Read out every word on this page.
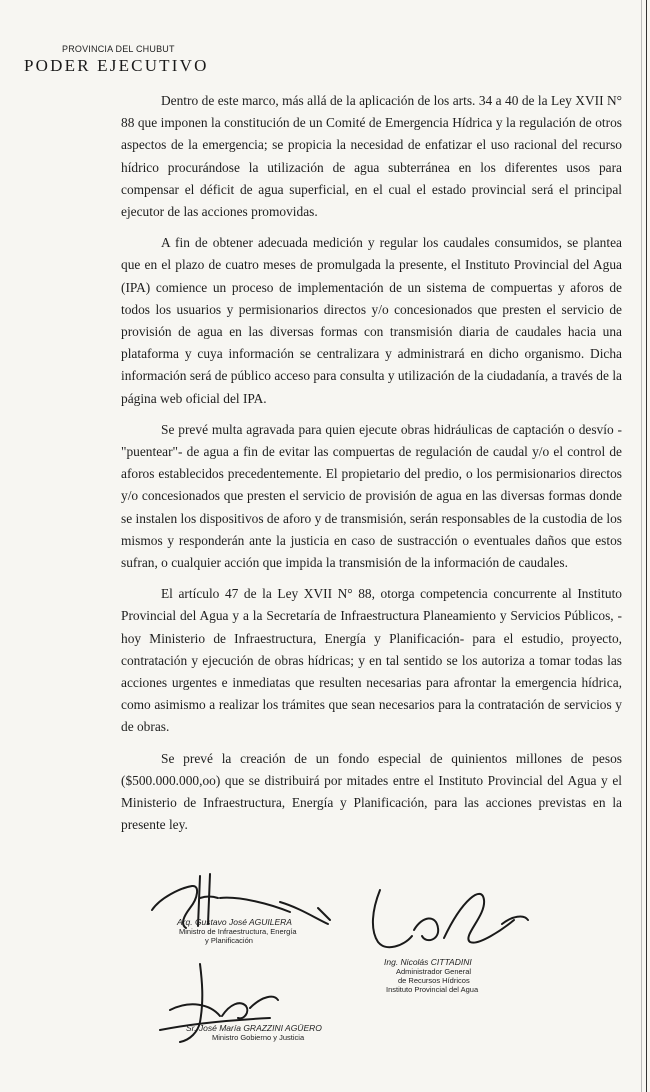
PROVINCIA DEL CHUBUT
PODER EJECUTIVO

Dentro de este marco, más allá de la aplicación de los arts. 34 a 40 de la Ley XVII N° 88 que imponen la constitución de un Comité de Emergencia Hídrica y la regulación de otros aspectos de la emergencia; se propicia la necesidad de enfatizar el uso racional del recurso hídrico procurándose la utilización de agua subterránea en los diferentes usos para compensar el déficit de agua superficial, en el cual el estado provincial será el principal ejecutor de las acciones promovidas.

A fin de obtener adecuada medición y regular los caudales consumidos, se plantea que en el plazo de cuatro meses de promulgada la presente, el Instituto Provincial del Agua (IPA) comience un proceso de implementación de un sistema de compuertas y aforos de todos los usuarios y permisionarios directos y/o concesionados que presten el servicio de provisión de agua en las diversas formas con transmisión diaria de caudales hacia una plataforma y cuya información se centralizara y administrará en dicho organismo. Dicha información será de público acceso para consulta y utilización de la ciudadanía, a través de la página web oficial del IPA.

Se prevé multa agravada para quien ejecute obras hidráulicas de captación o desvío -"puentear"- de agua a fin de evitar las compuertas de regulación de caudal y/o el control de aforos establecidos precedentemente. El propietario del predio, o los permisionarios directos y/o concesionados que presten el servicio de provisión de agua en las diversas formas donde se instalen los dispositivos de aforo y de transmisión, serán responsables de la custodia de los mismos y responderán ante la justicia en caso de sustracción o eventuales daños que estos sufran, o cualquier acción que impida la transmisión de la información de caudales.

El artículo 47 de la Ley XVII N° 88, otorga competencia concurrente al Instituto Provincial del Agua y a la Secretaría de Infraestructura Planeamiento y Servicios Públicos, -hoy Ministerio de Infraestructura, Energía y Planificación- para el estudio, proyecto, contratación y ejecución de obras hídricas; y en tal sentido se los autoriza a tomar todas las acciones urgentes e inmediatas que resulten necesarias para afrontar la emergencia hídrica, como asimismo a realizar los trámites que sean necesarios para la contratación de servicios y de obras.

Se prevé la creación de un fondo especial de quinientos millones de pesos ($500.000.000,oo) que se distribuirá por mitades entre el Instituto Provincial del Agua y el Ministerio de Infraestructura, Energía y Planificación, para las acciones previstas en la presente ley.

Arq. Gustavo José AGUILERA
Ministro de Infraestructura, Energía
y Planificación
Ing. Nicolás CITTADINI
Administrador General
de Recursos Hídricos
Instituto Provincial del Agua
Sr. José María GRAZZINI AGÜERO
Ministro Gobierno y Justicia
